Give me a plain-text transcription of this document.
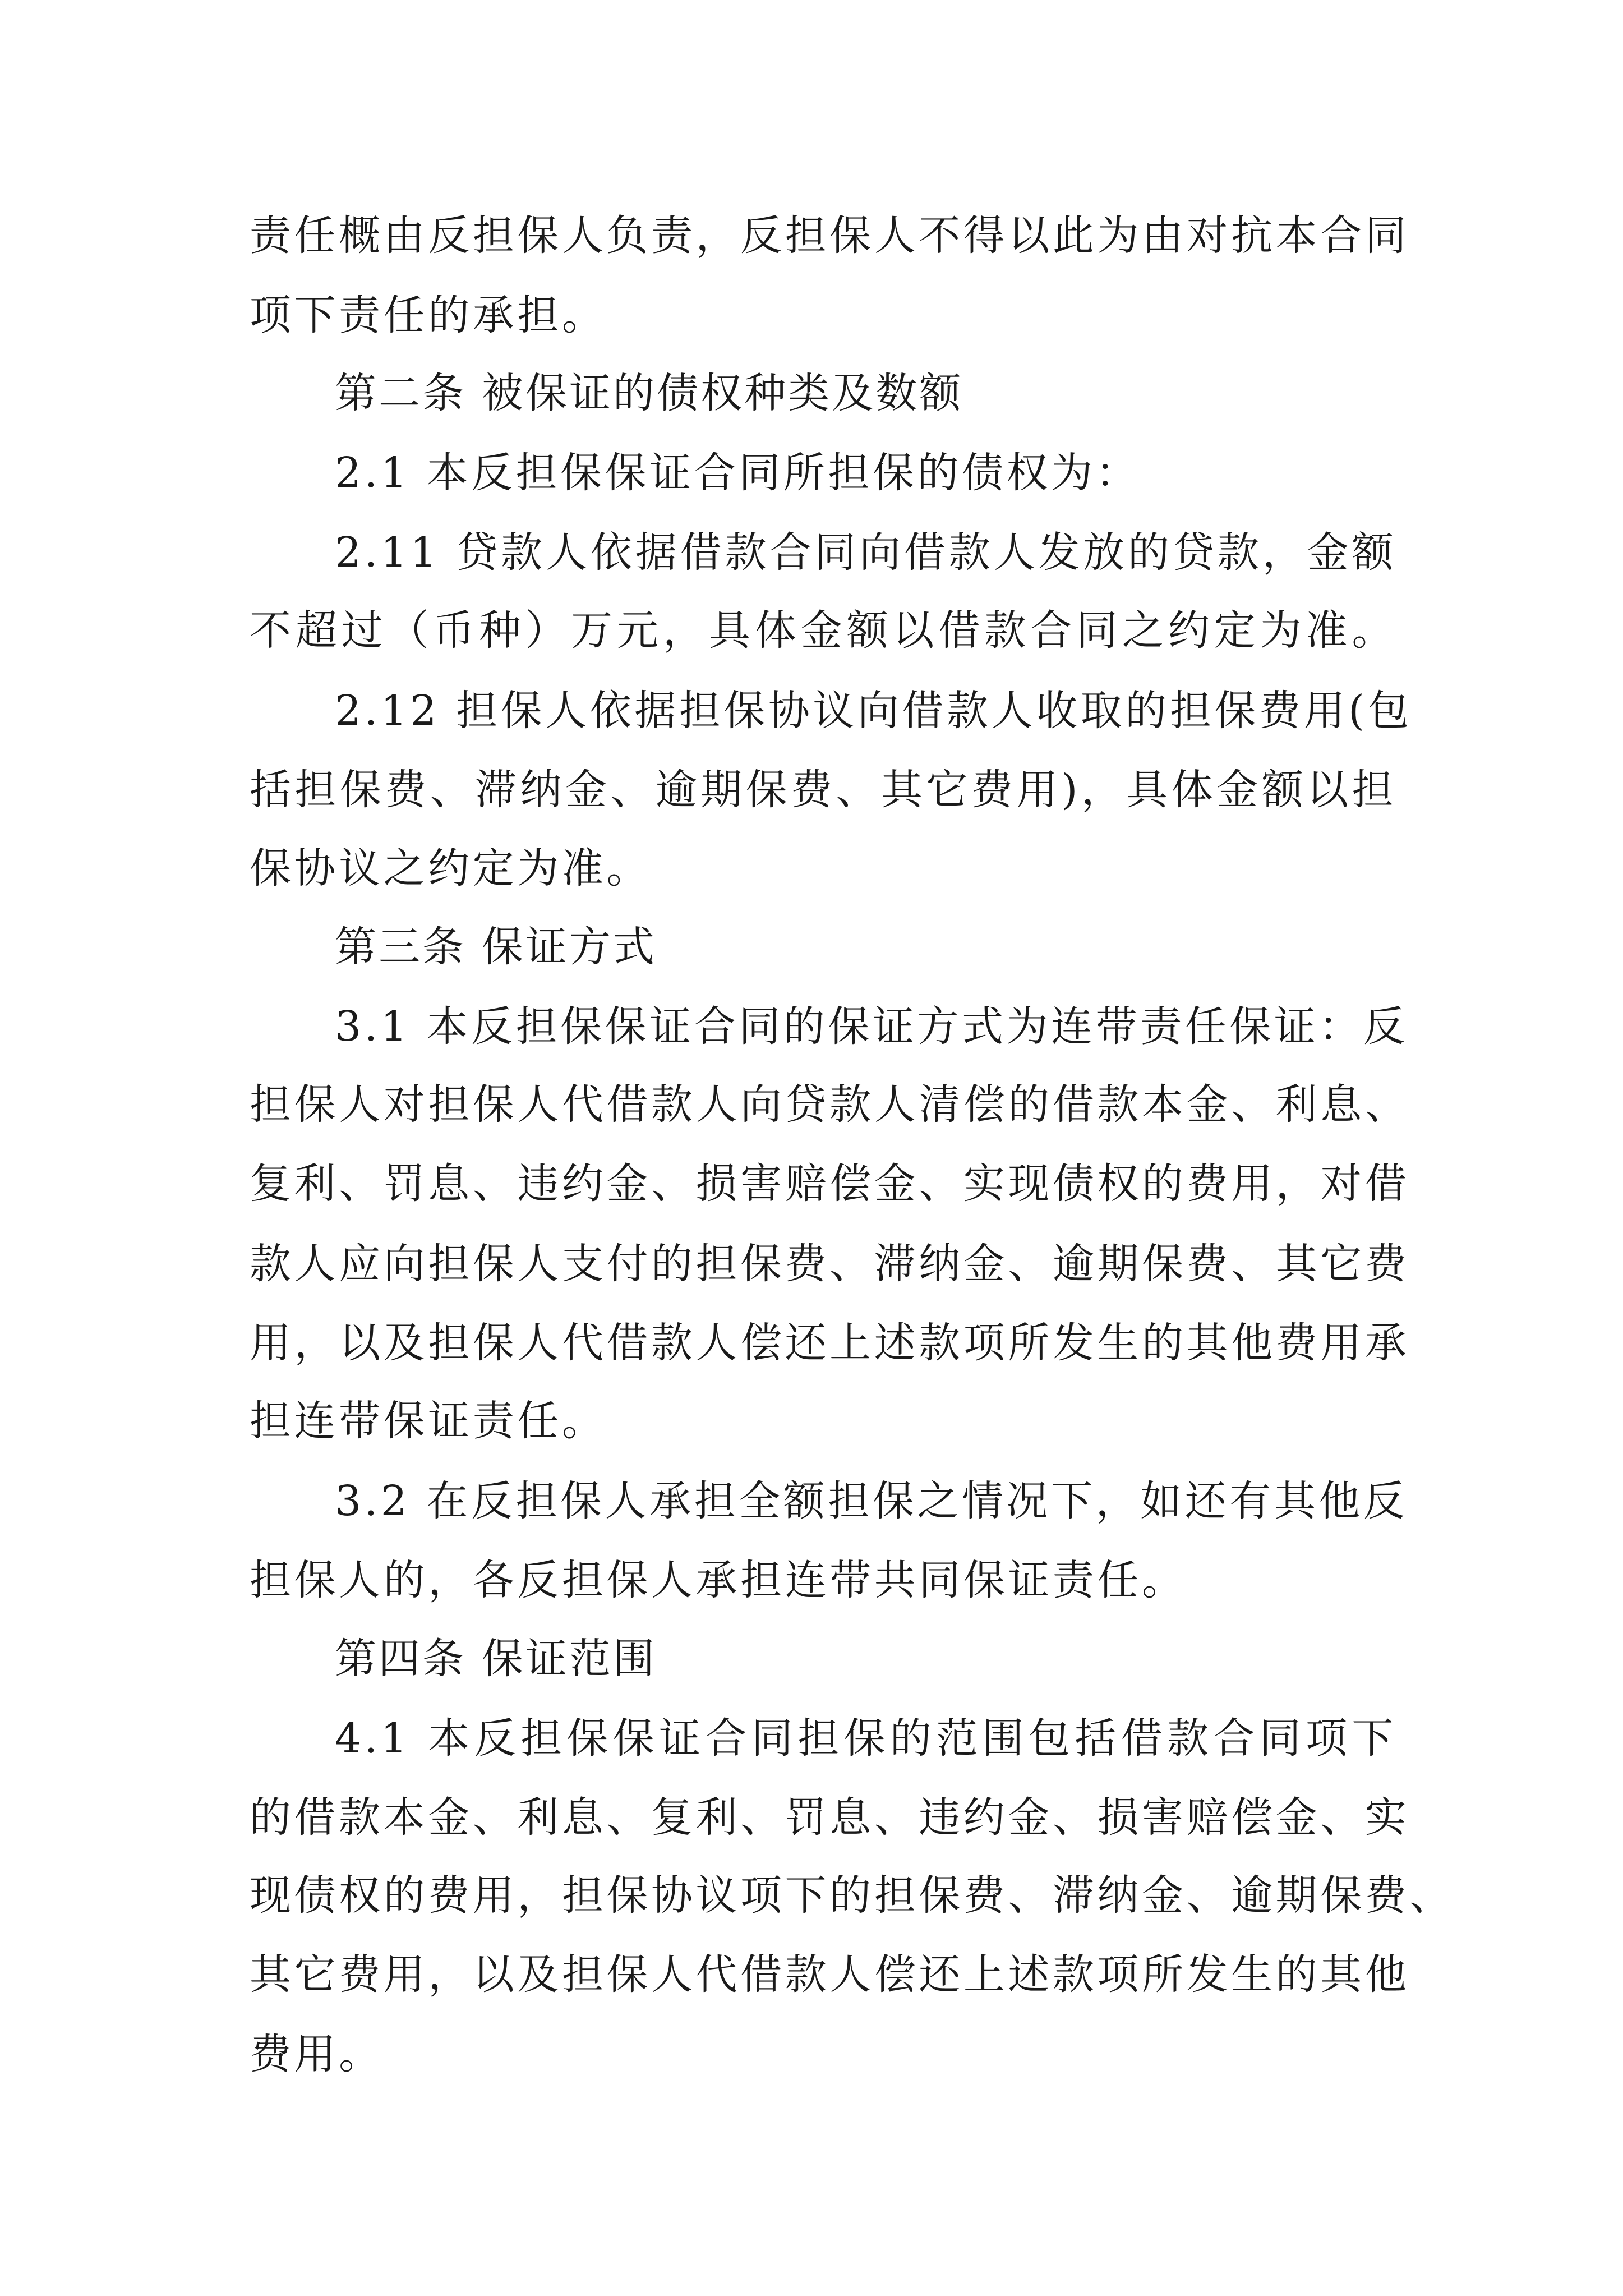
责任概由反担保人负责，反担保人不得以此为由对抗本合同
项下责任的承担。
第二条 被保证的债权种类及数额
2.1 本反担保保证合同所担保的债权为：
2.11 贷款人依据借款合同向借款人发放的贷款，金额
不超过（币种）万元，具体金额以借款合同之约定为准。
2.12 担保人依据担保协议向借款人收取的担保费用(包
括担保费、滞纳金、逾期保费、其它费用)，具体金额以担
保协议之约定为准。
第三条 保证方式
3.1 本反担保保证合同的保证方式为连带责任保证：反
担保人对担保人代借款人向贷款人清偿的借款本金、利息、
复利、罚息、违约金、损害赔偿金、实现债权的费用，对借
款人应向担保人支付的担保费、滞纳金、逾期保费、其它费
用，以及担保人代借款人偿还上述款项所发生的其他费用承
担连带保证责任。
3.2 在反担保人承担全额担保之情况下，如还有其他反
担保人的，各反担保人承担连带共同保证责任。
第四条 保证范围
4.1 本反担保保证合同担保的范围包括借款合同项下
的借款本金、利息、复利、罚息、违约金、损害赔偿金、实
现债权的费用，担保协议项下的担保费、滞纳金、逾期保费、
其它费用，以及担保人代借款人偿还上述款项所发生的其他
费用。
